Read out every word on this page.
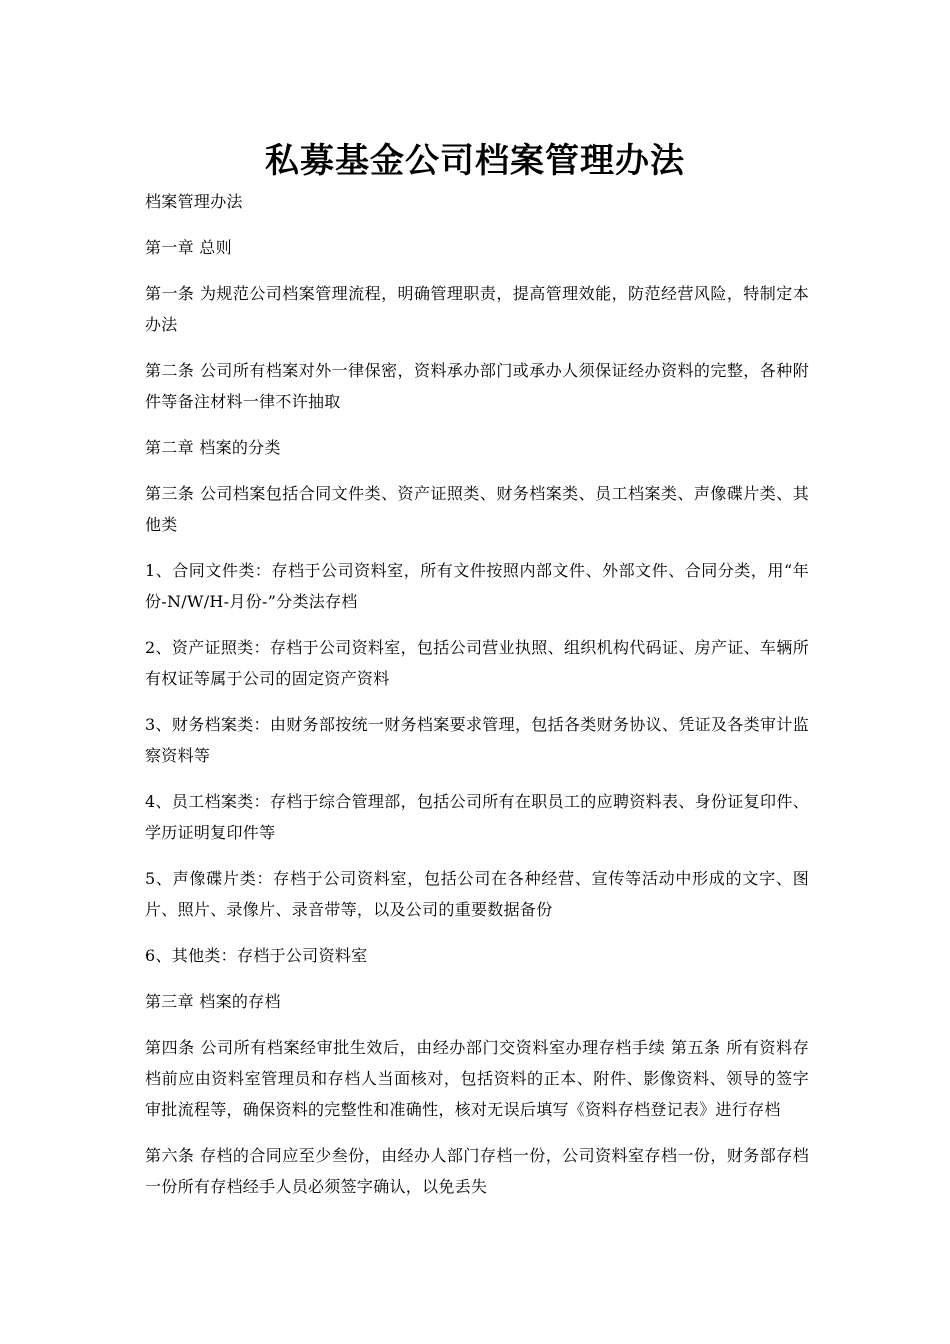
私募基金公司档案管理办法

档案管理办法

第一章 总则

第一条 为规范公司档案管理流程，明确管理职责，提高管理效能，防范经营风险，特制定本办法

第二条 公司所有档案对外一律保密，资料承办部门或承办人须保证经办资料的完整，各种附件等备注材料一律不许抽取

第二章 档案的分类

第三条 公司档案包括合同文件类、资产证照类、财务档案类、员工档案类、声像碟片类、其他类

1、合同文件类：存档于公司资料室，所有文件按照内部文件、外部文件、合同分类，用“年份-N/W/H-月份-”分类法存档

2、资产证照类：存档于公司资料室，包括公司营业执照、组织机构代码证、房产证、车辆所有权证等属于公司的固定资产资料

3、财务档案类：由财务部按统一财务档案要求管理，包括各类财务协议、凭证及各类审计监察资料等

4、员工档案类：存档于综合管理部，包括公司所有在职员工的应聘资料表、身份证复印件、学历证明复印件等

5、声像碟片类：存档于公司资料室，包括公司在各种经营、宣传等活动中形成的文字、图片、照片、录像片、录音带等，以及公司的重要数据备份

6、其他类：存档于公司资料室

第三章 档案的存档

第四条 公司所有档案经审批生效后，由经办部门交资料室办理存档手续 第五条 所有资料存档前应由资料室管理员和存档人当面核对，包括资料的正本、附件、影像资料、领导的签字审批流程等，确保资料的完整性和准确性，核对无误后填写《资料存档登记表》进行存档

第六条 存档的合同应至少叁份，由经办人部门存档一份，公司资料室存档一份，财务部存档一份所有存档经手人员必须签字确认，以免丢失
